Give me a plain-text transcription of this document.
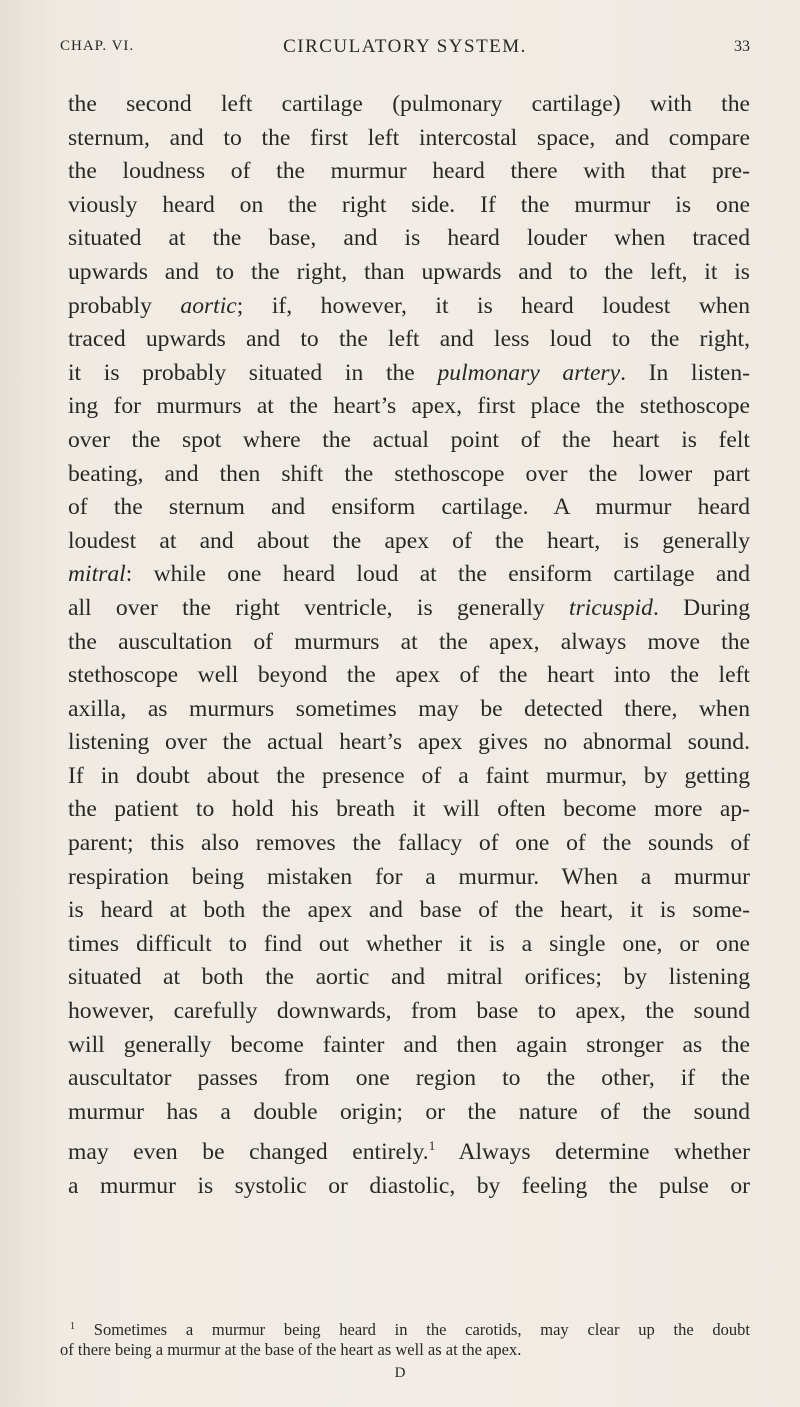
CHAP. VI.	CIRCULATORY SYSTEM.	33
the second left cartilage (pulmonary cartilage) with the
sternum, and to the first left intercostal space, and compare
the loudness of the murmur heard there with that pre-
viously heard on the right side. If the murmur is one
situated at the base, and is heard louder when traced
upwards and to the right, than upwards and to the left, it is
probably aortic; if, however, it is heard loudest when
traced upwards and to the left and less loud to the right,
it is probably situated in the pulmonary artery. In listen-
ing for murmurs at the heart’s apex, first place the stethoscope
over the spot where the actual point of the heart is felt
beating, and then shift the stethoscope over the lower part
of the sternum and ensiform cartilage. A murmur heard
loudest at and about the apex of the heart, is generally
mitral: while one heard loud at the ensiform cartilage and
all over the right ventricle, is generally tricuspid. During
the auscultation of murmurs at the apex, always move the
stethoscope well beyond the apex of the heart into the left
axilla, as murmurs sometimes may be detected there, when
listening over the actual heart’s apex gives no abnormal sound.
If in doubt about the presence of a faint murmur, by getting
the patient to hold his breath it will often become more ap-
parent; this also removes the fallacy of one of the sounds of
respiration being mistaken for a murmur. When a murmur
is heard at both the apex and base of the heart, it is some-
times difficult to find out whether it is a single one, or one
situated at both the aortic and mitral orifices; by listening
however, carefully downwards, from base to apex, the sound
will generally become fainter and then again stronger as the
auscultator passes from one region to the other, if the
murmur has a double origin; or the nature of the sound
may even be changed entirely.$^1$ Always determine whether
a murmur is systolic or diastolic, by feeling the pulse or
$^1$ Sometimes a murmur being heard in the carotids, may clear up the doubt
of there being a murmur at the base of the heart as well as at the apex.
D
